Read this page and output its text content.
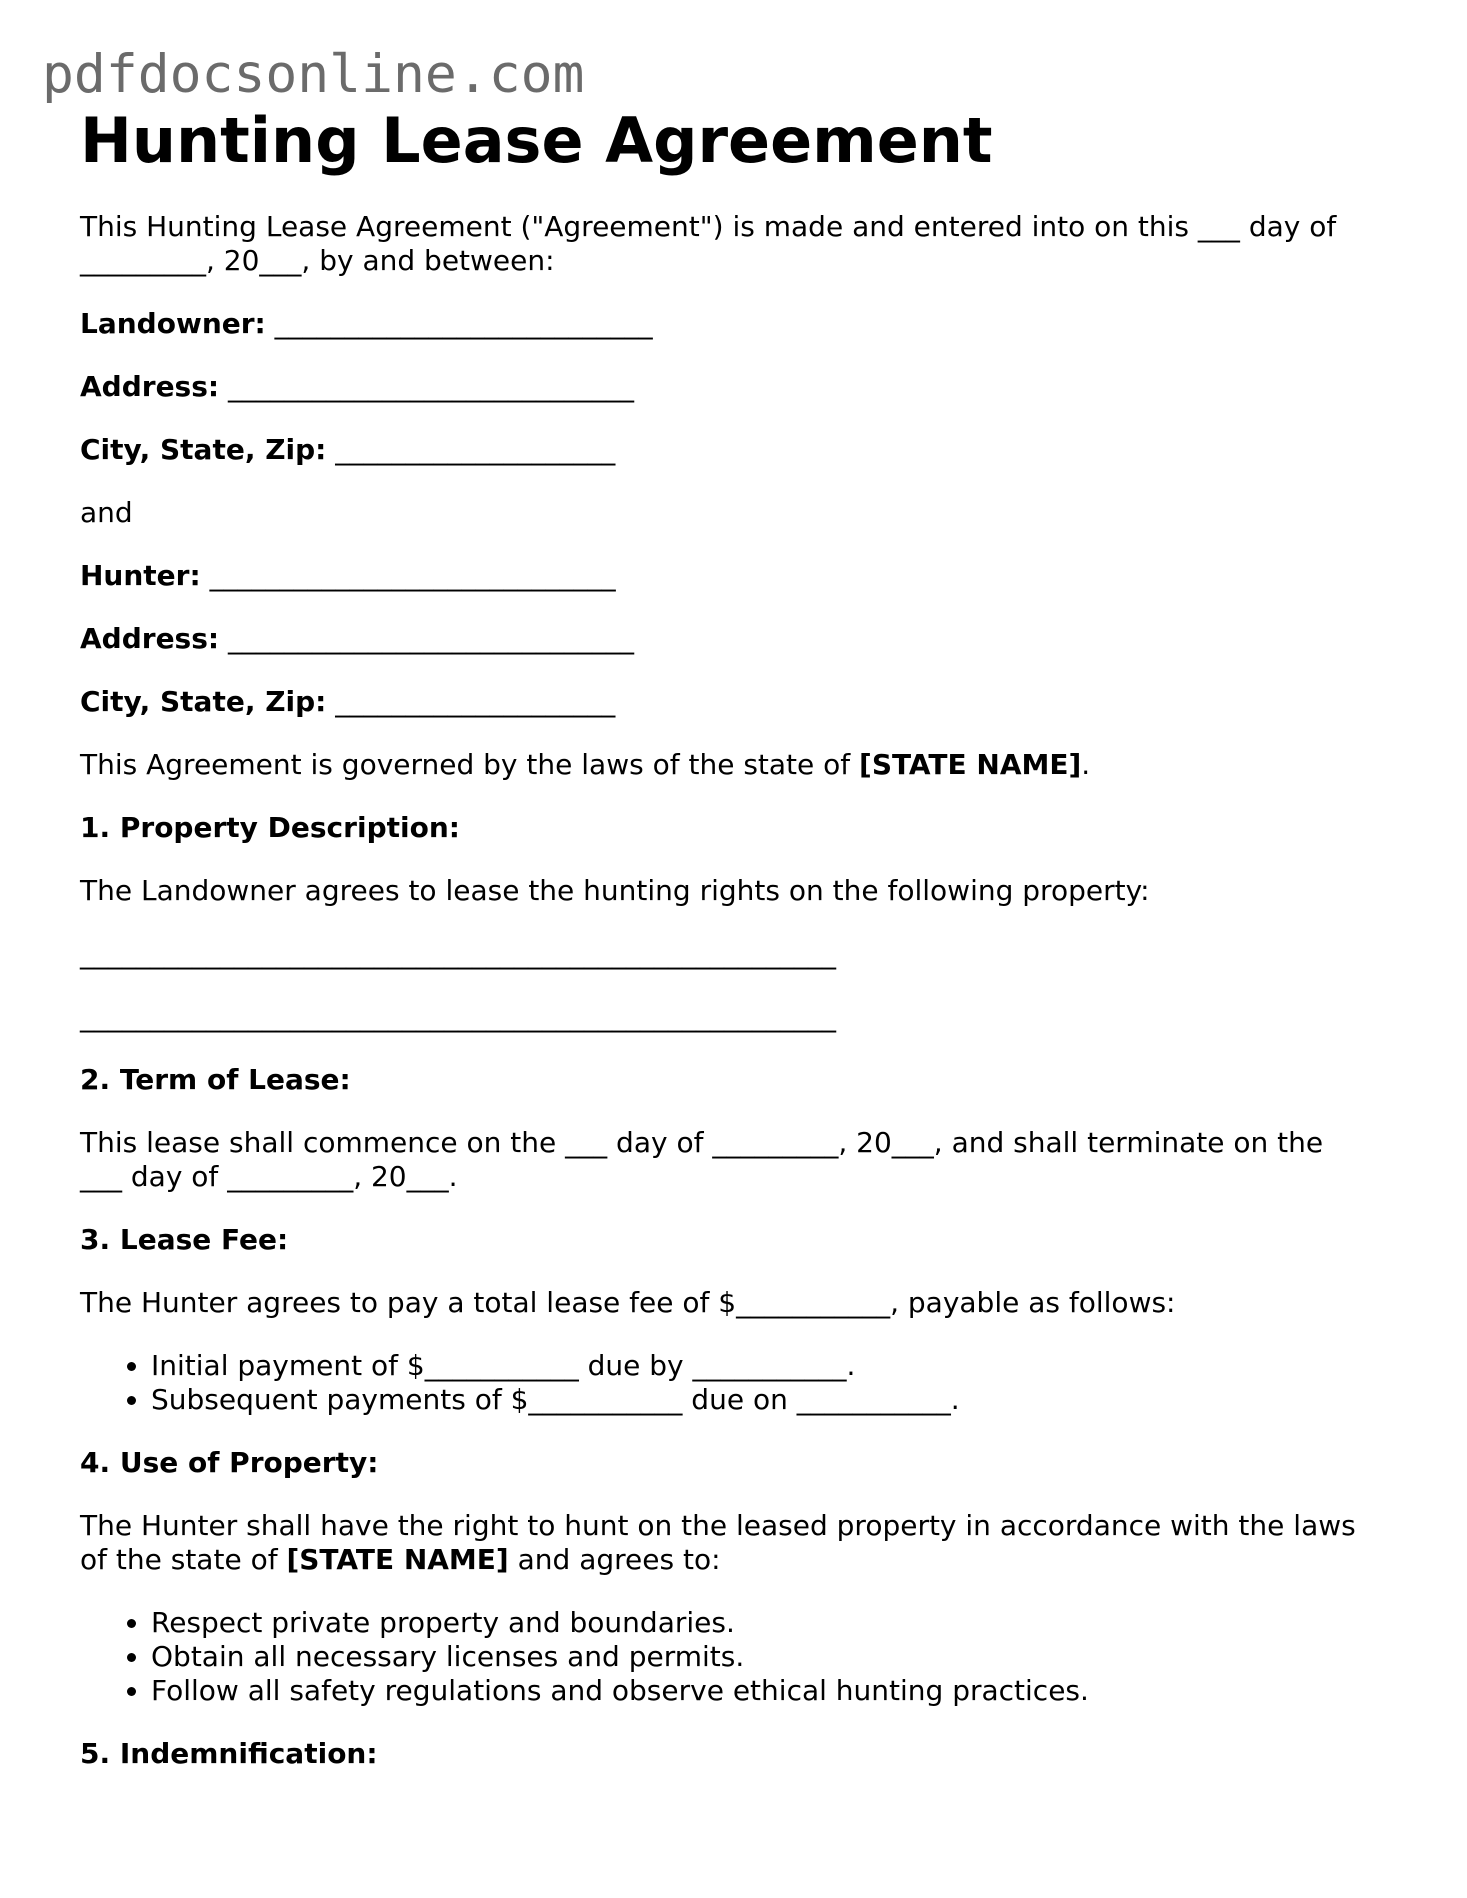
pdfdocsonline.com
Hunting Lease Agreement

This Hunting Lease Agreement ("Agreement") is made and entered into on this ___ day of
_________, 20___, by and between:

Landowner: ___________________________

Address: _____________________________

City, State, Zip: ____________________

and

Hunter: _____________________________

Address: _____________________________

City, State, Zip: ____________________

This Agreement is governed by the laws of the state of [STATE NAME].

1. Property Description:

The Landowner agrees to lease the hunting rights on the following property:

______________________________________________________

______________________________________________________

2. Term of Lease:

This lease shall commence on the ___ day of _________, 20___, and shall terminate on the
___ day of _________, 20___.

3. Lease Fee:

The Hunter agrees to pay a total lease fee of $___________, payable as follows:

• Initial payment of $___________ due by ___________.
• Subsequent payments of $___________ due on ___________.

4. Use of Property:

The Hunter shall have the right to hunt on the leased property in accordance with the laws
of the state of [STATE NAME] and agrees to:

• Respect private property and boundaries.
• Obtain all necessary licenses and permits.
• Follow all safety regulations and observe ethical hunting practices.

5. Indemnification:
